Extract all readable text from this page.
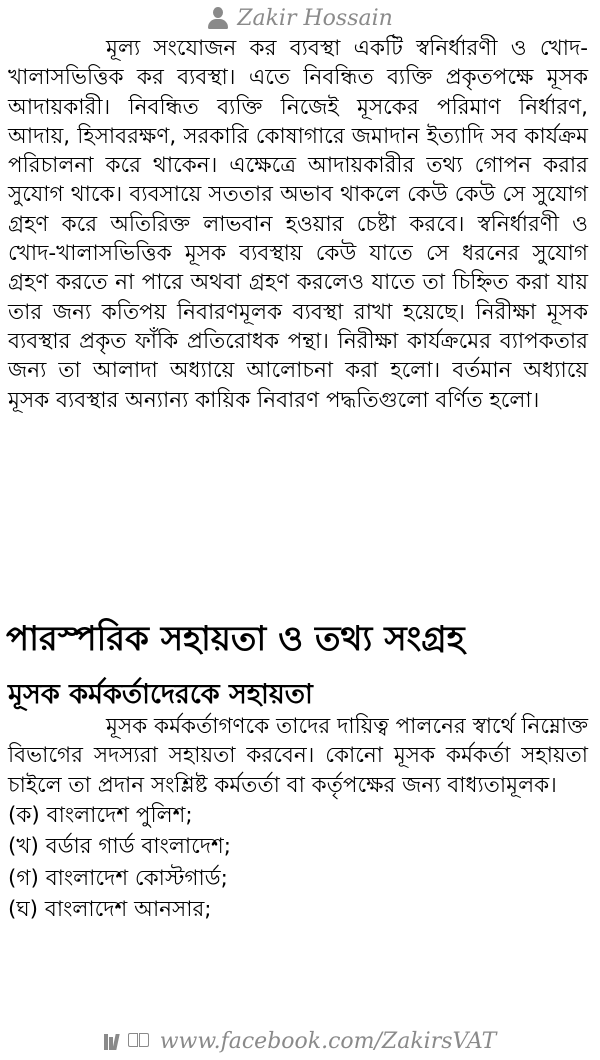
Zakir Hossain

মূল্য সংযোজন কর ব্যবস্থা একটি স্বনির্ধারণী ও খোদ-খালাসভিত্তিক কর ব্যবস্থা। এতে নিবন্ধিত ব্যক্তি প্রকৃতপক্ষে মূসক আদায়কারী। নিবন্ধিত ব্যক্তি নিজেই মূসকের পরিমাণ নির্ধারণ, আদায়, হিসাবরক্ষণ, সরকারি কোষাগারে জমাদান ইত্যাদি সব কার্যক্রম পরিচালনা করে থাকেন। এক্ষেত্রে আদায়কারীর তথ্য গোপন করার সুযোগ থাকে। ব্যবসায়ে সততার অভাব থাকলে কেউ কেউ সে সুযোগ গ্রহণ করে অতিরিক্ত লাভবান হওয়ার চেষ্টা করবে। স্বনির্ধারণী ও খোদ-খালাসভিত্তিক মূসক ব্যবস্থায় কেউ যাতে সে ধরনের সুযোগ গ্রহণ করতে না পারে অথবা গ্রহণ করলেও যাতে তা চিহ্নিত করা যায় তার জন্য কতিপয় নিবারণমূলক ব্যবস্থা রাখা হয়েছে। নিরীক্ষা মূসক ব্যবস্থার প্রকৃত ফাঁকি প্রতিরোধক পন্থা। নিরীক্ষা কার্যক্রমের ব্যাপকতার জন্য তা আলাদা অধ্যায়ে আলোচনা করা হলো। বর্তমান অধ্যায়ে মূসক ব্যবস্থার অন্যান্য কায়িক নিবারণ পদ্ধতিগুলো বর্ণিত হলো।

পারস্পরিক সহায়তা ও তথ্য সংগ্রহ
মূসক কর্মকর্তাদেরকে সহায়তা

মূসক কর্মকর্তাগণকে তাদের দায়িত্ব পালনের স্বার্থে নিম্নোক্ত বিভাগের সদস্যরা সহায়তা করবেন। কোনো মূসক কর্মকর্তা সহায়তা চাইলে তা প্রদান সংশ্লিষ্ট কর্মতর্তা বা কর্তৃপক্ষের জন্য বাধ্যতামূলক।

(ক) বাংলাদেশ পুলিশ;
(খ) বর্ডার গার্ড বাংলাদেশ;
(গ) বাংলাদেশ কোস্টগার্ড;
(ঘ) বাংলাদেশ আনসার;
www.facebook.com/ZakirsVAT
